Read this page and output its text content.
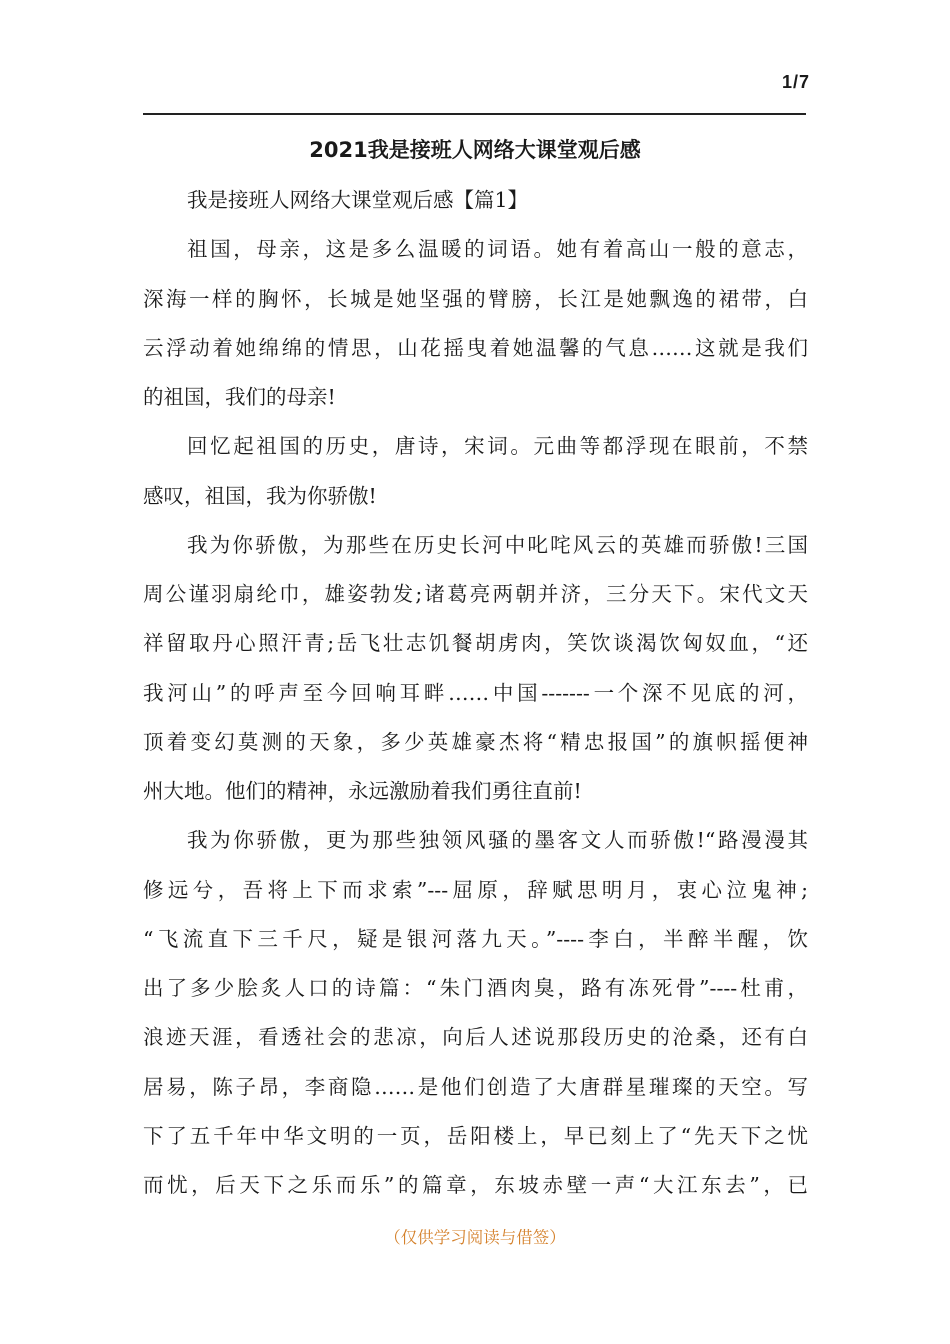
1/7
2021我是接班人网络大课堂观后感
我是接班人网络大课堂观后感【篇1】
祖国，母亲，这是多么温暖的词语。她有着高山一般的意志，
深海一样的胸怀，长城是她坚强的臂膀，长江是她飘逸的裙带，白
云浮动着她绵绵的情思，山花摇曳着她温馨的气息……这就是我们
的祖国，我们的母亲!
回忆起祖国的历史，唐诗，宋词。元曲等都浮现在眼前，不禁
感叹，祖国，我为你骄傲!
我为你骄傲，为那些在历史长河中叱咤风云的英雄而骄傲!三国
周公谨羽扇纶巾，雄姿勃发;诸葛亮两朝并济，三分天下。宋代文天
祥留取丹心照汗青;岳飞壮志饥餐胡虏肉，笑饮谈渴饮匈奴血，“还
我河山”的呼声至今回响耳畔……中国-------一个深不见底的河，
顶着变幻莫测的天象，多少英雄豪杰将“精忠报国”的旗帜摇便神
州大地。他们的精神，永远激励着我们勇往直前!
我为你骄傲，更为那些独领风骚的墨客文人而骄傲!“路漫漫其
修远兮，吾将上下而求索”---屈原，辞赋思明月，衷心泣鬼神;
“飞流直下三千尺，疑是银河落九天。”----李白，半醉半醒，饮
出了多少脍炙人口的诗篇：“朱门酒肉臭，路有冻死骨”----杜甫，
浪迹天涯，看透社会的悲凉，向后人述说那段历史的沧桑，还有白
居易，陈子昂，李商隐……是他们创造了大唐群星璀璨的天空。写
下了五千年中华文明的一页，岳阳楼上，早已刻上了“先天下之忧
而忧，后天下之乐而乐”的篇章，东坡赤壁一声“大江东去”，已
（仅供学习阅读与借签）
